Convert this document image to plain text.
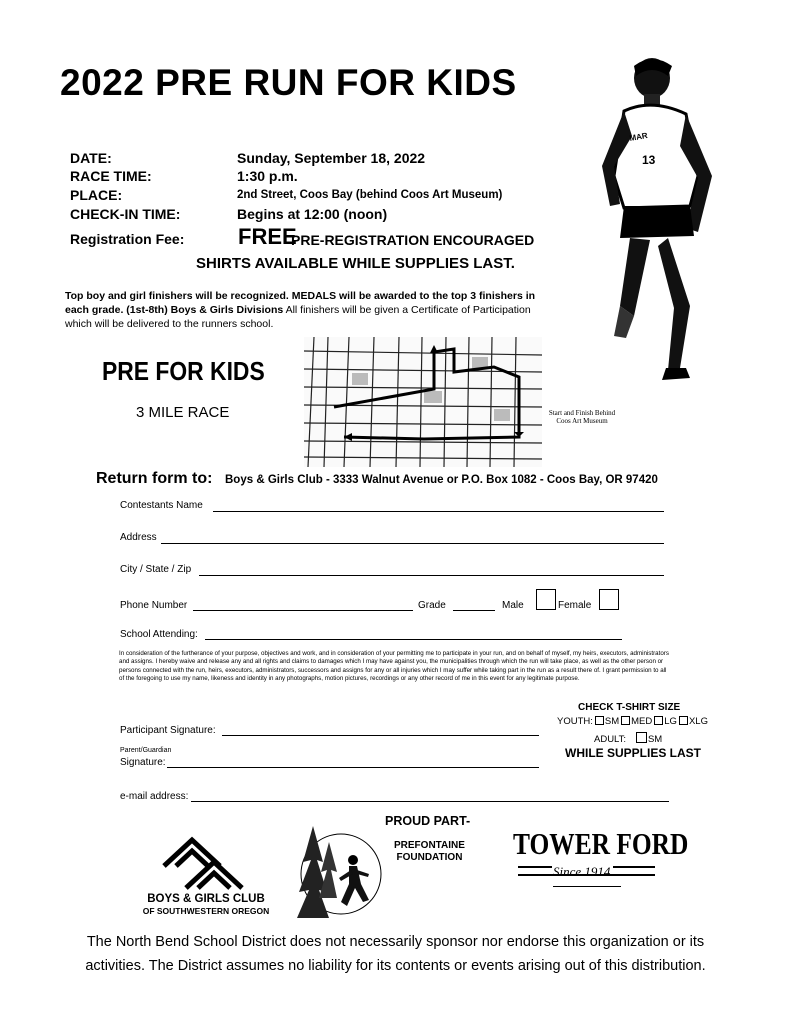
2022 PRE RUN FOR KIDS
DATE:	Sunday, September 18, 2022
RACE TIME:	1:30 p.m.
PLACE:	2nd Street, Coos Bay (behind Coos Art Museum)
CHECK-IN TIME:	Begins at 12:00 (noon)
Registration Fee: FREE
PRE-REGISTRATION ENCOURAGED
SHIRTS AVAILABLE WHILE SUPPLIES LAST.
Top boy and girl finishers will be recognized. MEDALS will be awarded to the top 3 finishers in each grade. (1st-8th) Boys & Girls Divisions All finishers will be given a Certificate of Participation which will be delivered to the runners school.
PRE FOR KIDS
3 MILE RACE	Start and Finish Behind
Coos Art Museum
13
MAR
Return form to: Boys & Girls Club - 3333 Walnut Avenue or P.O. Box 1082 - Coos Bay, OR 97420
Contestants Name
Address
City / State / Zip
Phone Number	Grade	Male	Female
School Attending:
In consideration of the furtherance of your purpose, objectives and work, and in consideration of your permitting me to participate in your run, and on behalf of myself, my heirs, executors, administrators and assigns. I hereby waive and release any and all rights and claims to damages which I may have against you, the municipalities through which the run will take place, as well as the other person or persons connected with the run, heirs, executors, administrators, successors and assigns for any or all injuries which I may suffer while taking part in the run as a result there of. I grant permission to all of the foregoing to use my name, likeness and identity in any photographs, motion pictures, recordings or any other record of me in this event for any legitimate purpose.
CHECK T-SHIRT SIZE
YOUTH: SM MED LG XLG
ADULT: SM
WHILE SUPPLIES LAST
Participant Signature:
Parent/Guardian
Signature:
e-mail address:
BOYS & GIRLS CLUB
OF SOUTHWESTERN OREGON
PROUD PART-
PREFONTAINE
FOUNDATION TOWER FORD
Since 1914
The North Bend School District does not necessarily sponsor nor endorse this organization or its
activities. The District assumes no liability for its contents or events arising out of this distribution.
